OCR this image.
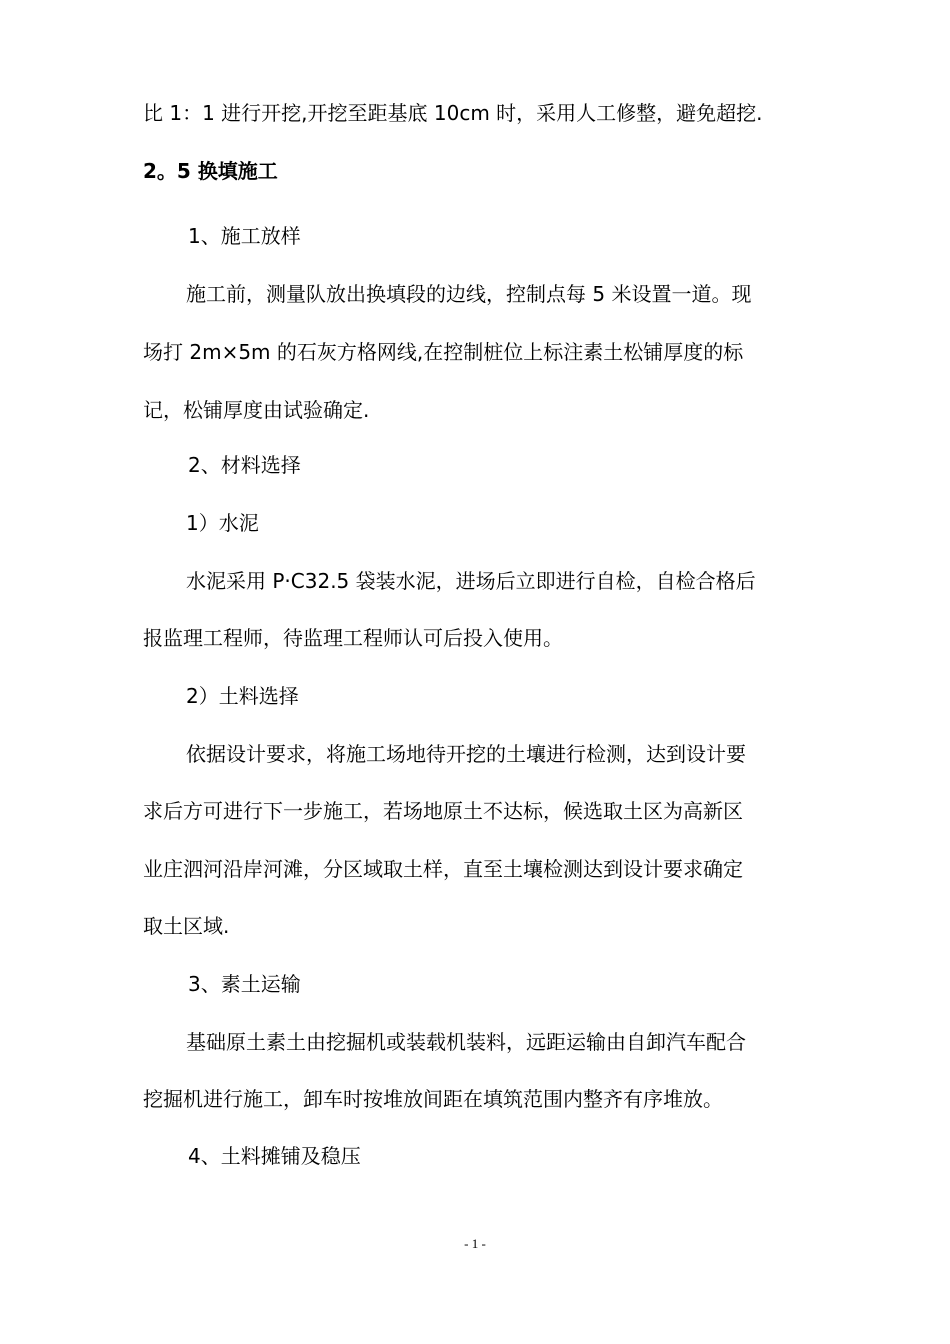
比 1：1 进行开挖,开挖至距基底 10cm 时，采用人工修整，避免超挖.

2。5 换填施工

1、施工放样

施工前，测量队放出换填段的边线，控制点每 5 米设置一道。现

场打 2m×5m 的石灰方格网线,在控制桩位上标注素土松铺厚度的标

记，松铺厚度由试验确定.

2、材料选择

1）水泥

水泥采用 P·C32.5 袋装水泥，进场后立即进行自检，自检合格后

报监理工程师，待监理工程师认可后投入使用。

2）土料选择

依据设计要求，将施工场地待开挖的土壤进行检测，达到设计要

求后方可进行下一步施工，若场地原土不达标，候选取土区为高新区

业庄泗河沿岸河滩，分区域取土样，直至土壤检测达到设计要求确定

取土区域.

3、素土运输

基础原土素土由挖掘机或装载机装料，远距运输由自卸汽车配合

挖掘机进行施工，卸车时按堆放间距在填筑范围内整齐有序堆放。

4、土料摊铺及稳压

- 1 -
